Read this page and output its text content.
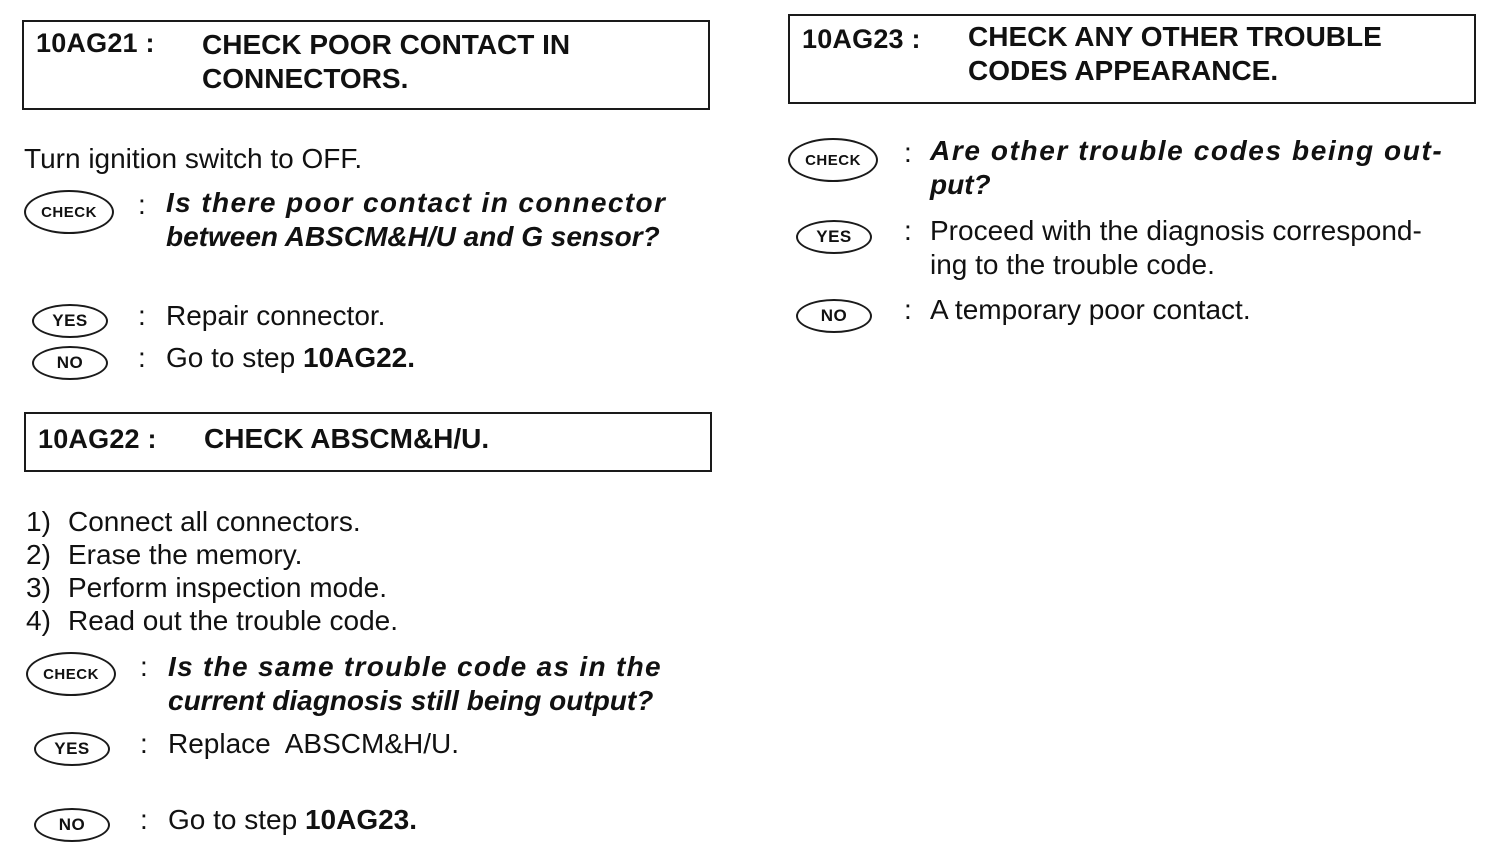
10AG21 : CHECK POOR CONTACT IN
CONNECTORS.
Turn ignition switch to OFF.
CHECK	: Is there poor contact in connector
between ABSCM&H/U and G sensor?
YES	: Repair connector.
NO	: Go to step 10AG22.
10AG22 : CHECK ABSCM&H/U.
1) Connect all connectors.
2) Erase the memory.
3) Perform inspection mode.
4) Read out the trouble code.
CHECK	: Is the same trouble code as in the
current diagnosis still being output?
YES	: Replace  ABSCM&H/U.
NO	: Go to step 10AG23.
10AG23 : CHECK ANY OTHER TROUBLE
CODES APPEARANCE.
CHECK	: Are other trouble codes being out-
put?
YES	: Proceed with the diagnosis correspond-
ing to the trouble code.
NO	: A temporary poor contact.
